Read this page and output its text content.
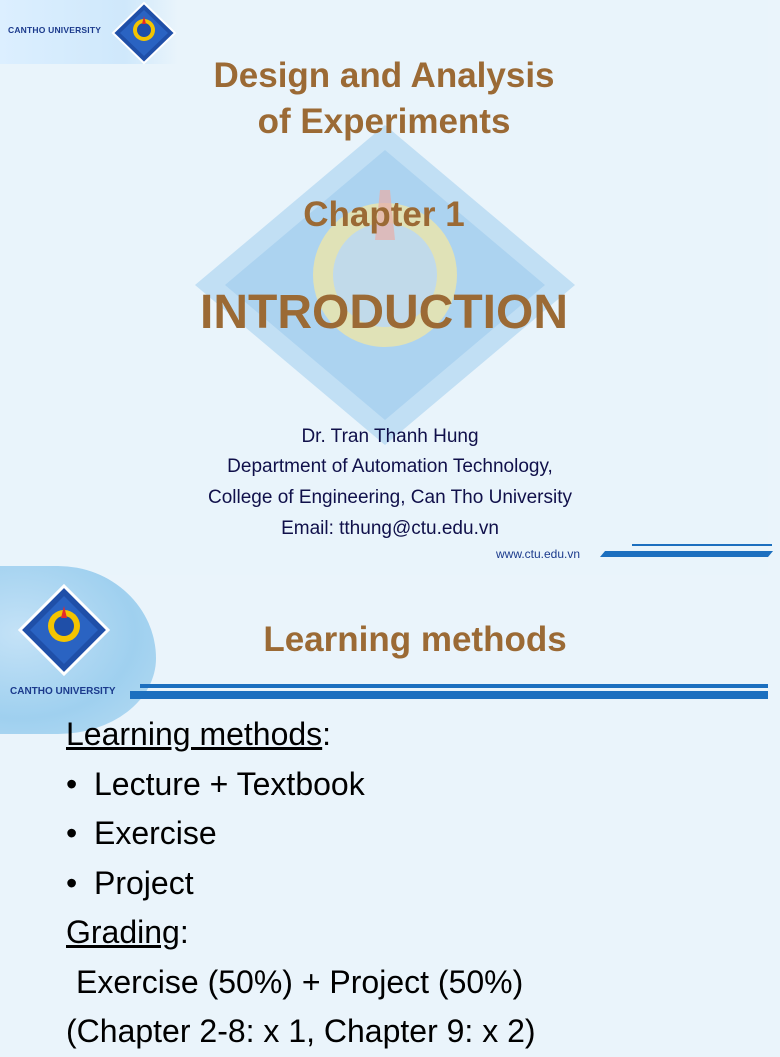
CANTHO UNIVERSITY
Design and Analysis
of Experiments
Chapter 1
INTRODUCTION
Dr. Tran Thanh Hung
Department of Automation Technology,
College of Engineering, Can Tho University
Email: tthung@ctu.edu.vn
www.ctu.edu.vn
CANTHO UNIVERSITY
Learning methods
Learning methods:
• Lecture + Textbook
• Exercise
• Project
Grading:
Exercise (50%) + Project (50%)
(Chapter 2-8: x 1, Chapter 9: x 2)
